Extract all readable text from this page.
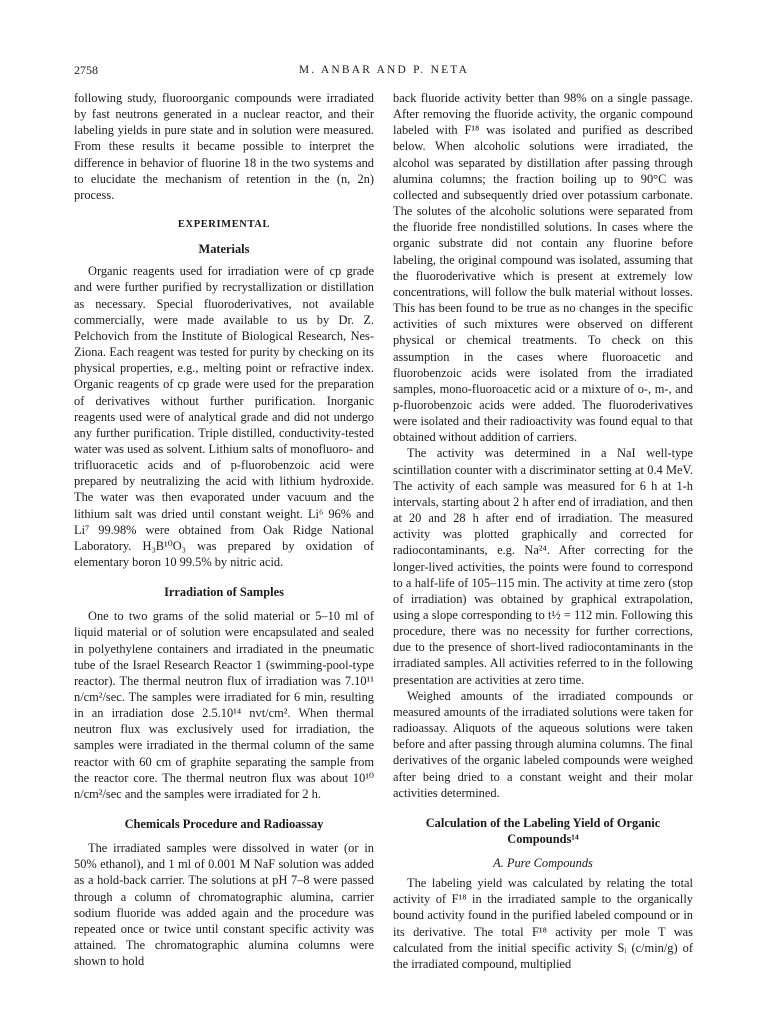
2758	M. ANBAR AND P. NETA

following study, fluoroorganic compounds were irradiated by fast neutrons generated in a nuclear reactor, and their labeling yields in pure state and in solution were measured. From these results it became possible to interpret the difference in behavior of fluorine 18 in the two systems and to elucidate the mechanism of retention in the (n, 2n) process.

EXPERIMENTAL
Materials

Organic reagents used for irradiation were of cp grade and were further purified by recrystallization or distillation as necessary. Special fluoroderivatives, not available commercially, were made available to us by Dr. Z. Pelchovich from the Institute of Biological Research, Nes-Ziona. Each reagent was tested for purity by checking on its physical properties, e.g., melting point or refractive index. Organic reagents of cp grade were used for the preparation of derivatives without further purification. Inorganic reagents used were of analytical grade and did not undergo any further purification. Triple distilled, conductivity-tested water was used as solvent. Lithium salts of monofluoro- and trifluoracetic acids and of p-fluorobenzoic acid were prepared by neutralizing the acid with lithium hydroxide. The water was then evaporated under vacuum and the lithium salt was dried until constant weight. Li⁶ 96% and Li⁷ 99.98% were obtained from Oak Ridge National Laboratory. H₃B¹⁰O₃ was prepared by oxidation of elementary boron 10 99.5% by nitric acid.

Irradiation of Samples

One to two grams of the solid material or 5–10 ml of liquid material or of solution were encapsulated and sealed in polyethylene containers and irradiated in the pneumatic tube of the Israel Research Reactor 1 (swimming-pool-type reactor). The thermal neutron flux of irradiation was 7.10¹¹ n/cm²/sec. The samples were irradiated for 6 min, resulting in an irradiation dose 2.5.10¹⁴ nvt/cm². When thermal neutron flux was exclusively used for irradiation, the samples were irradiated in the thermal column of the same reactor with 60 cm of graphite separating the sample from the reactor core. The thermal neutron flux was about 10¹⁰ n/cm²/sec and the samples were irradiated for 2 h.

Chemicals Procedure and Radioassay

The irradiated samples were dissolved in water (or in 50% ethanol), and 1 ml of 0.001 M NaF solution was added as a hold-back carrier. The solutions at pH 7–8 were passed through a column of chromatographic alumina, carrier sodium fluoride was added again and the procedure was repeated once or twice until constant specific activity was attained. The chromatographic alumina columns were shown to hold

back fluoride activity better than 98% on a single passage. After removing the fluoride activity, the organic compound labeled with F¹⁸ was isolated and purified as described below. When alcoholic solutions were irradiated, the alcohol was separated by distillation after passing through alumina columns; the fraction boiling up to 90°C was collected and subsequently dried over potassium carbonate. The solutes of the alcoholic solutions were separated from the fluoride free nondistilled solutions. In cases where the organic substrate did not contain any fluorine before labeling, the original compound was isolated, assuming that the fluoroderivative which is present at extremely low concentrations, will follow the bulk material without losses. This has been found to be true as no changes in the specific activities of such mixtures were observed on different physical or chemical treatments. To check on this assumption in the cases where fluoroacetic and fluorobenzoic acids were isolated from the irradiated samples, mono-fluoroacetic acid or a mixture of o-, m-, and p-fluorobenzoic acids were added. The fluoroderivatives were isolated and their radioactivity was found equal to that obtained without addition of carriers.

The activity was determined in a NaI well-type scintillation counter with a discriminator setting at 0.4 MeV. The activity of each sample was measured for 6 h at 1-h intervals, starting about 2 h after end of irradiation, and then at 20 and 28 h after end of irradiation. The measured activity was plotted graphically and corrected for radiocontaminants, e.g. Na²⁴. After correcting for the longer-lived activities, the points were found to correspond to a half-life of 105–115 min. The activity at time zero (stop of irradiation) was obtained by graphical extrapolation, using a slope corresponding to t½ = 112 min. Following this procedure, there was no necessity for further corrections, due to the presence of short-lived radiocontaminants in the irradiated samples. All activities referred to in the following presentation are activities at zero time.

Weighed amounts of the irradiated compounds or measured amounts of the irradiated solutions were taken for radioassay. Aliquots of the aqueous solutions were taken before and after passing through alumina columns. The final derivatives of the organic labeled compounds were weighed after being dried to a constant weight and their molar activities determined.

Calculation of the Labeling Yield of Organic Compounds¹⁴
A. Pure Compounds

The labeling yield was calculated by relating the total activity of F¹⁸ in the irradiated sample to the organically bound activity found in the purified labeled compound or in its derivative. The total F¹⁸ activity per mole T was calculated from the initial specific activity Sᵢ (c/min/g) of the irradiated compound, multiplied
